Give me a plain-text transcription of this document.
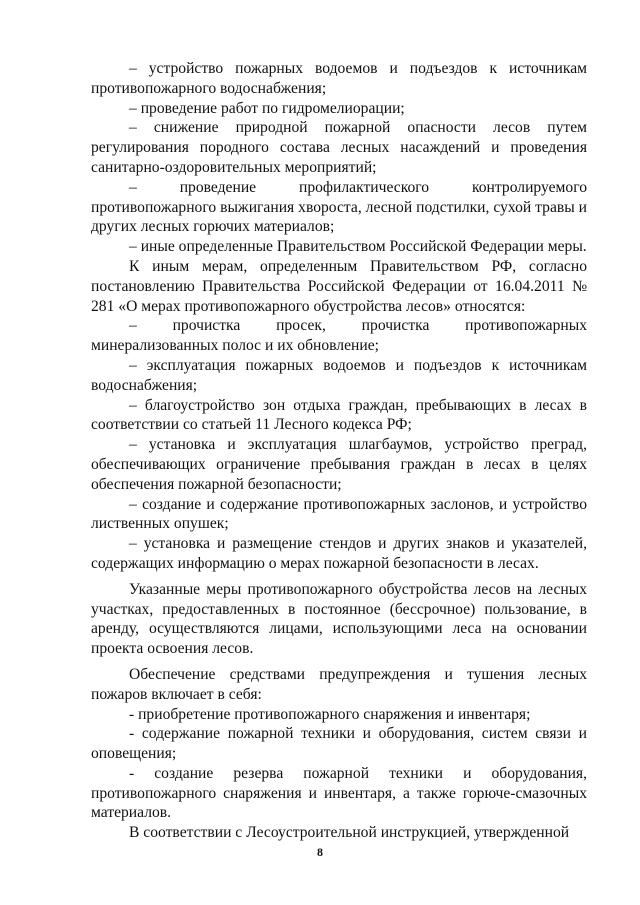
– устройство пожарных водоемов и подъездов к источникам противопожарного водоснабжения;

– проведение работ по гидромелиорации;

– снижение природной пожарной опасности лесов путем регулирования породного состава лесных насаждений и проведения санитарно-оздоровительных мероприятий;

– проведение профилактического контролируемого противопожарного выжигания хвороста, лесной подстилки, сухой травы и других лесных горючих материалов;

– иные определенные Правительством Российской Федерации меры.

К иным мерам, определенным Правительством РФ, согласно постановлению Правительства Российской Федерации от 16.04.2011 № 281 «О мерах противопожарного обустройства лесов» относятся:

– прочистка просек, прочистка противопожарных минерализованных полос и их обновление;

– эксплуатация пожарных водоемов и подъездов к источникам водоснабжения;

– благоустройство зон отдыха граждан, пребывающих в лесах в соответствии со статьей 11 Лесного кодекса РФ;

– установка и эксплуатация шлагбаумов, устройство преград, обеспечивающих ограничение пребывания граждан в лесах в целях обеспечения пожарной безопасности;

– создание и содержание противопожарных заслонов, и устройство лиственных опушек;

– установка и размещение стендов и других знаков и указателей, содержащих информацию о мерах пожарной безопасности в лесах.

Указанные меры противопожарного обустройства лесов на лесных участках, предоставленных в постоянное (бессрочное) пользование, в аренду, осуществляются лицами, использующими леса на основании проекта освоения лесов.

Обеспечение средствами предупреждения и тушения лесных пожаров включает в себя:

- приобретение противопожарного снаряжения и инвентаря;

- содержание пожарной техники и оборудования, систем связи и оповещения;

- создание резерва пожарной техники и оборудования, противопожарного снаряжения и инвентаря, а также горюче-смазочных материалов.

В соответствии с Лесоустроительной инструкцией, утвержденной

8
